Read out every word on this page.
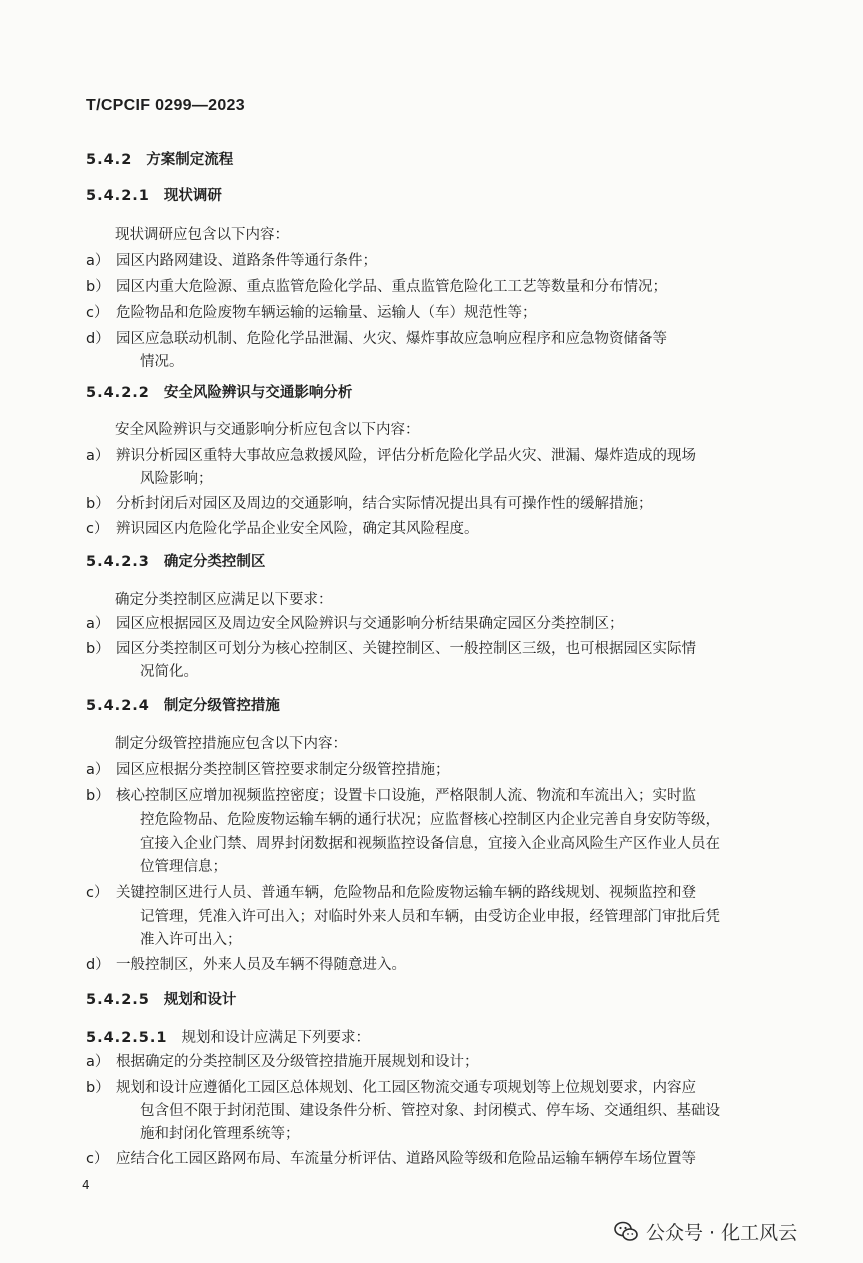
T/CPCIF 0299—2023
5.4.2 方案制定流程
5.4.2.1 现状调研
现状调研应包含以下内容：
a） 园区内路网建设、道路条件等通行条件；
b） 园区内重大危险源、重点监管危险化学品、重点监管危险化工工艺等数量和分布情况；
c） 危险物品和危险废物车辆运输的运输量、运输人（车）规范性等；
d） 园区应急联动机制、危险化学品泄漏、火灾、爆炸事故应急响应程序和应急物资储备等
情况。
5.4.2.2 安全风险辨识与交通影响分析
安全风险辨识与交通影响分析应包含以下内容：
a） 辨识分析园区重特大事故应急救援风险，评估分析危险化学品火灾、泄漏、爆炸造成的现场
风险影响；
b） 分析封闭后对园区及周边的交通影响，结合实际情况提出具有可操作性的缓解措施；
c） 辨识园区内危险化学品企业安全风险，确定其风险程度。
5.4.2.3 确定分类控制区
确定分类控制区应满足以下要求：
a） 园区应根据园区及周边安全风险辨识与交通影响分析结果确定园区分类控制区；
b） 园区分类控制区可划分为核心控制区、关键控制区、一般控制区三级，也可根据园区实际情
况简化。
5.4.2.4 制定分级管控措施
制定分级管控措施应包含以下内容：
a） 园区应根据分类控制区管控要求制定分级管控措施；
b） 核心控制区应增加视频监控密度；设置卡口设施，严格限制人流、物流和车流出入；实时监
控危险物品、危险废物运输车辆的通行状况；应监督核心控制区内企业完善自身安防等级，
宜接入企业门禁、周界封闭数据和视频监控设备信息，宜接入企业高风险生产区作业人员在
位管理信息；
c） 关键控制区进行人员、普通车辆，危险物品和危险废物运输车辆的路线规划、视频监控和登
记管理，凭准入许可出入；对临时外来人员和车辆，由受访企业申报，经管理部门审批后凭
准入许可出入；
d） 一般控制区，外来人员及车辆不得随意进入。
5.4.2.5 规划和设计
5.4.2.5.1 规划和设计应满足下列要求：
a） 根据确定的分类控制区及分级管控措施开展规划和设计；
b） 规划和设计应遵循化工园区总体规划、化工园区物流交通专项规划等上位规划要求，内容应
包含但不限于封闭范围、建设条件分析、管控对象、封闭模式、停车场、交通组织、基础设
施和封闭化管理系统等；
c） 应结合化工园区路网布局、车流量分析评估、道路风险等级和危险品运输车辆停车场位置等
4
公众号 · 化工风云
